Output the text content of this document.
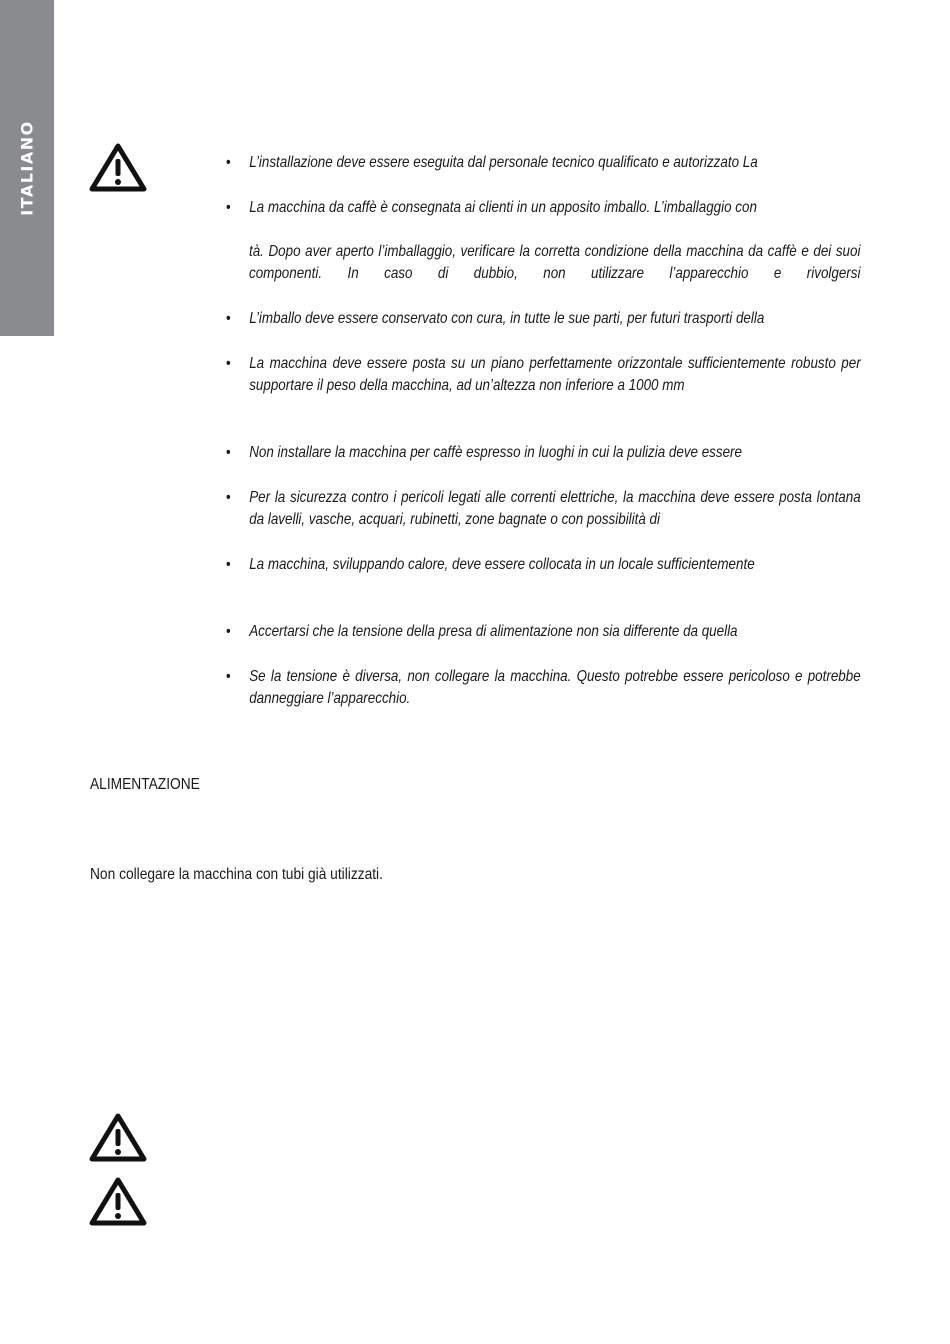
ITALIANO	• L’installazione deve essere eseguita dal personale tecnico qualificato e autorizzato La
• La macchina da caffè è consegnata ai clienti in un apposito imballo. L’imballaggio con
• L’imballo deve essere conservato con cura, in tutte le sue parti, per futuri trasporti della
• La macchina deve essere posta su un piano perfettamente orizzontale sufficientemente robusto per supportare il peso della macchina, ad un’altezza non inferiore a 1000 mm
• Non installare la macchina per caffè espresso in luoghi in cui la pulizia deve essere
• Per la sicurezza contro i pericoli legati alle correnti elettriche, la macchina deve essere posta lontana da lavelli, vasche, acquari, rubinetti, zone bagnate o con possibilità di
• La macchina, sviluppando calore, deve essere collocata in un locale sufficientemente
• Accertarsi che la tensione della presa di alimentazione non sia differente da quella
• Se la tensione è diversa, non collegare la macchina. Questo potrebbe essere pericoloso e potrebbe danneggiare l’apparecchio.
tà. Dopo aver aperto l’imballaggio, verificare la corretta condizione della macchina da caffè e dei suoi componenti. In caso di dubbio, non utilizzare l’apparecchio e rivolgersi
ALIMENTAZIONE
Non collegare la macchina con tubi già utilizzati.
